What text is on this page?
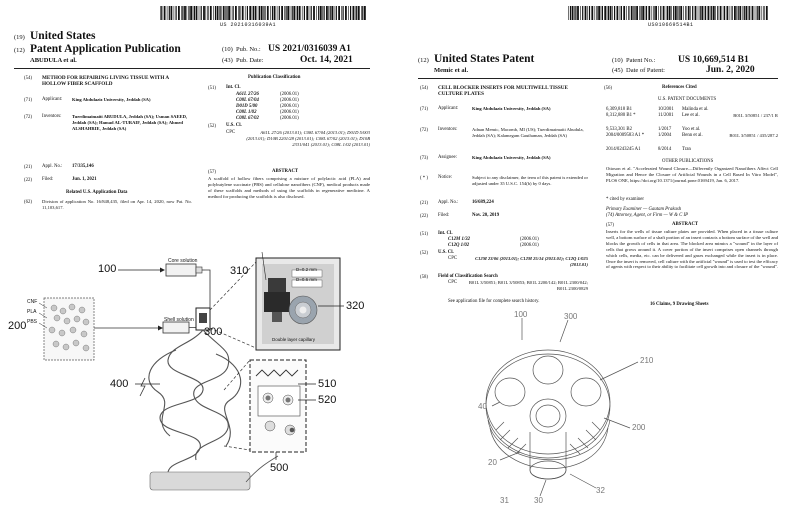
US 20210316039A1
(19) United States
(12) Patent Application Publication
ABUDULA et al.
(10) Pub. No.: US 2021/0316039 A1
(43) Pub. Date:	Oct. 14, 2021
(54) METHOD FOR REPAIRING LIVING TISSUE WITH A HOLLOW FIBER SCAFFOLD
(71) Applicant: King Abdulaziz University, Jeddah (SA)
(72) Inventors: Tuerdimaimaiti ABUDULA, Jeddah (SA); Usman SAEED, Jeddah (SA); Hamad AL-TURAIF, Jeddah (SA); Ahmed ALSHAHRIE, Jeddah (SA)
(21) Appl. No.: 17/335,146
(22) Filed:	Jun. 1, 2021
Related U.S. Application Data
(62) Division of application No. 16/848,435, filed on Apr. 14, 2020, now Pat. No. 11,103,617.
Publication Classification
(51) Int. Cl.
A61L 27/26	(2006.01)
C08L 67/04	(2006.01)
D01D 5/00	(2006.01)
C08L 1/02	(2006.01)
C08L 67/02	(2006.01)
(52) U.S. Cl.
CPC	A61L 27/26 (2013.01); C08L 67/04 (2013.01); D01D 5/003 (2013.01); D10B 2201/28 (2013.01); C08L 67/02 (2013.01); D10B 2331/041 (2013.01); C08L 1/02 (2013.01)
(57)	ABSTRACT
A scaffold of hollow fibers comprising a mixture of polylactic acid (PLA) and polybutylene succinate (PBS) and cellulose nanofibers (CNF), medical products made of these scaffolds and methods of using the scaffolds in regenerative medicine. A method for producing the scaffolds is also disclosed.
100
Core solution
CNF
PLA
PBS
200	Shell solution
300
310	D=0.2 mm
D=0.6 mm
320
Double layer capillary
400	510
520
500
US010669514B1
(12) United States Patent
Memic et al.
(10) Patent No.: US 10,669,514 B1
(45) Date of Patent:	Jun. 2, 2020
(54) CELL BLOCKER INSERTS FOR MULTIWELL TISSUE CULTURE PLATES
(71) Applicant:	King Abdulaziz University, Jeddah (SA)
(72) Inventors:	Adnan Memic, Macomb, MI (US); Tuerdimaimaiti Abudula, Jeddah (SA); Kalamegam Gauthaman, Jeddah (SA)
(73) Assignee:	King Abdulaziz University, Jeddah (SA)
( * ) Notice:	Subject to any disclaimer, the term of this patent is extended or adjusted under 35 U.S.C. 154(b) by 0 days.
(21) Appl. No.:	16/689,224
(22) Filed:	Nov. 20, 2019
(51) Int. Cl.
C12M 1/32	(2006.01)
C12Q 1/02	(2006.01)
(52) U.S. Cl.
CPC	C12M 23/06 (2013.01); C12M 25/14 (2013.01); C12Q 1/025 (2013.01)
(58) Field of Classification Search
CPC	B01L 3/50851; B01L 3/50853; B01L 2200/142; B01L 2300/042; B01L 2300/0829
See application file for complete search history.
(56)	References Cited
U.S. PATENT DOCUMENTS
6,309,818 B1	10/2001 Malinda et al.
8,312,880 B1 *	11/2001 Lee et al.	B01L 3/50851 / 237/1 R
9,533,301 B2	1/2017 Yoo et al.
2004/0009583 A1 *	1/2004 Benn et al.	B01L 3/50851 / 435/287.2
2014/0243245 A1	8/2014 Tran
OTHER PUBLICATIONS
Ottoson et al. "Accelerated Wound Closure—Differently Organized Nanofibers Affect Cell Migration and Hence the Closure of Artificial Wounds in a Cell Based In Vitro Model", PLOS ONE, https://doi.org/10.1371/journal.pone.0169419, Jan. 6, 2017.
* cited by examiner
Primary Examiner — Gautam Prakash
(74) Attorney, Agent, or Firm — W & C IP
(57)	ABSTRACT
Inserts for the wells of tissue culture plates are provided. When placed in a tissue culture well, a bottom surface of a shaft portion of an insert contacts a bottom surface of the well and blocks the growth of cells in that area. The blocked area mimics a "wound" in the layer of cells that grows around it. A cover portion of the insert comprises open channels through which cells, media, etc. can be delivered and gases exchanged while the insert is in place. Once the insert is removed, cell culture with the artificial "wound" is used to test the efficacy of agents with respect to their ability to facilitate cell growth into and closure of the "wound".
16 Claims, 9 Drawing Sheets
100	300
210
200
40
20
30
32
31
